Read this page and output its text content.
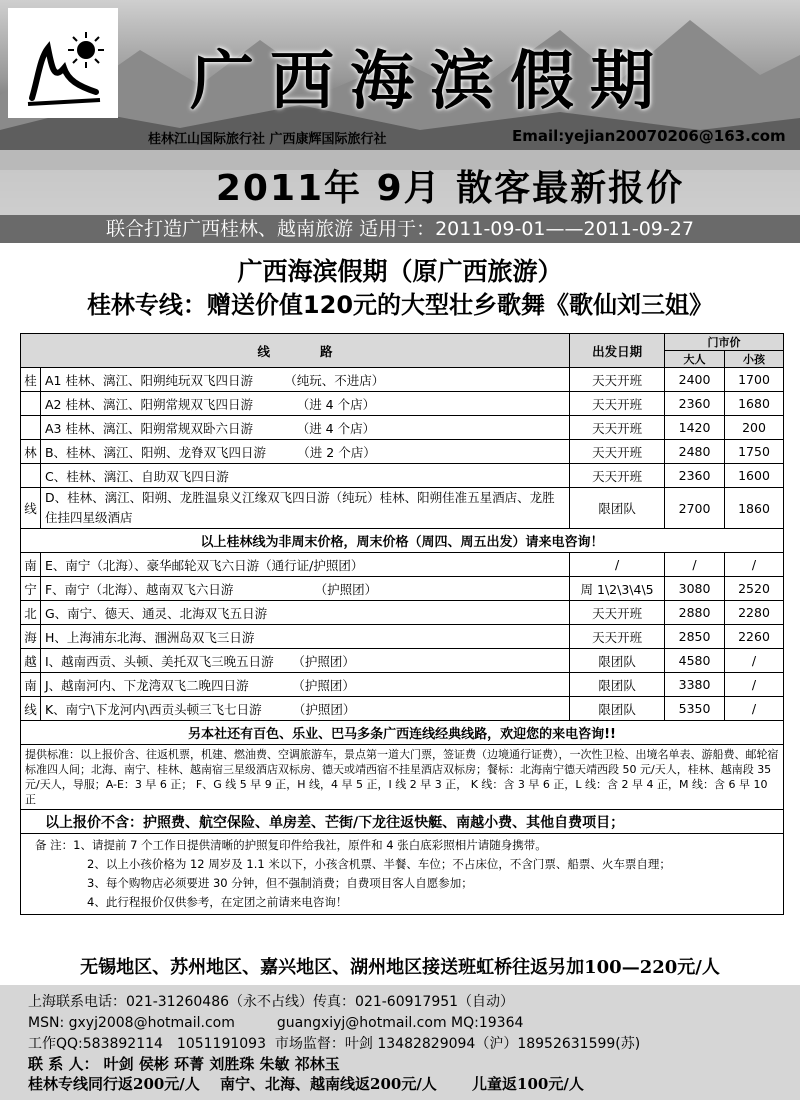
广西海滨假期
桂林江山国际旅行社 广西康辉国际旅行社	Email:yejian20070206@163.com
2011年 9月 散客最新报价
联合打造广西桂林、越南旅游 适用于：2011-09-01——2011-09-27
广西海滨假期（原广西旅游）
桂林专线：赠送价值120元的大型壮乡歌舞《歌仙刘三姐》
线　　　　路		出发日期	门市价	
			大人	小孩

桂	A1 桂林、漓江、阳朔纯玩双飞四日游　　　（纯玩、不进店）	天天开班	2400	1700
	A2 桂林、漓江、阳朔常规双飞四日游　　　　（进 4 个店）	天天开班	2360	1680
	A3 桂林、漓江、阳朔常规双卧六日游　　　　（进 4 个店）	天天开班	1420	200

林	B、桂林、漓江、阳朔、龙脊双飞四日游　　　（进 2 个店）	天天开班	2480	1750
	C、桂林、漓江、自助双飞四日游	天天开班	2360	1600

线	D、桂林、漓江、阳朔、龙胜温泉义江缘双飞四日游（纯玩）桂林、阳朔佳准五星酒店、龙胜住挂四星级酒店	限团队	2700	1860
以上桂林线为非周末价格，周末价格（周四、周五出发）请来电咨询！				

南	E、南宁（北海）、豪华邮轮双飞六日游（通行证/护照团）	/	/	/

宁	F、南宁（北海）、越南双飞六日游　　　　　　　（护照团）	周 1\2\3\4\5	3080	2520

北	G、南宁、德天、通灵、北海双飞五日游	天天开班	2880	2280

海	H、上海浦东北海、涠洲岛双飞三日游	天天开班	2850	2260

越	I、越南西贡、头顿、美托双飞三晚五日游　　（护照团）	限团队	4580	/

南	J、越南河内、下龙湾双飞二晚四日游　　　　（护照团）	限团队	3380	/

线	K、南宁\下龙河内\西贡头顿三飞七日游　　　（护照团）	限团队	5350	/
另本社还有百色、乐业、巴马多条广西连线经典线路，欢迎您的来电咨询!!				
提供标准：以上报价含、往返机票，机建、燃油费、空调旅游车，景点第一道大门票，签证费（边境通行证费），一次性卫检、出境名单表、游船费、邮轮宿标准四人间；北海、南宁、桂林、越南宿三星级酒店双标房、德天或靖西宿不挂星酒店双标房；餐标：北海南宁德天靖西段 50 元/天人，桂林、越南段 35 元/天人，导服；A-E：3 早 6 正； F、G 线 5 早 9 正，H 线，4 早 5 正，I 线 2 早 3 正， K 线：含 3 早 6 正，L 线：含 2 早 4 正，M 线：含 6 早 10 正				
以上报价不含：护照费、航空保险、单房差、芒街/下龙往返快艇、南越小费、其他自费项目；				

备 注：1、请提前 7 个工作日提供清晰的护照复印件给我社，原件和 4 张白底彩照相片请随身携带。
2、以上小孩价格为 12 周岁及 1.1 米以下，小孩含机票、半餐、车位；不占床位，不含门票、船票、火车票自理；
3、每个购物店必须要进 30 分钟，但不强制消费；自费项目客人自愿参加；
4、此行程报价仅供参考，在定团之前请来电咨询！				
无锡地区、苏州地区、嘉兴地区、湖州地区接送班虹桥往返另加100—220元/人
上海联系电话：021-31260486（永不占线）传真：021-60917951（自动）
MSN: gxyj2008@hotmail.com　　　guangxiyj@hotmail.com MQ:19364
工作QQ:583892114　1051191093  市场监督：叶剑 13482829094（沪）18952631599(苏)
联 系 人： 叶剑 侯彬 环菁 刘胜珠 朱敏 祁林玉
桂林专线同行返200元/人　 南宁、北海、越南线返200元/人　　 儿童返100元/人
